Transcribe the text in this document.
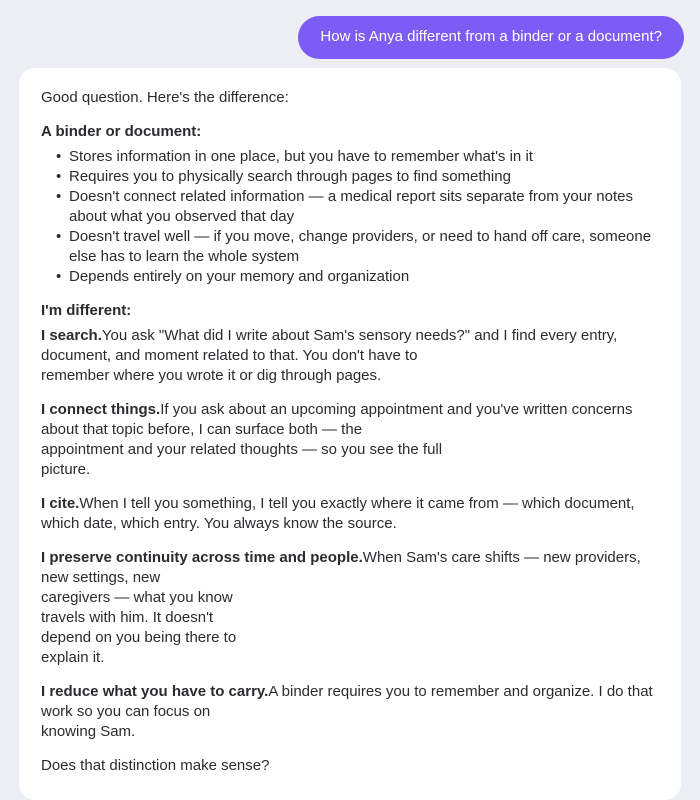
How is Anya different from a binder or a document?

Good question. Here's the difference:

A binder or document:

• Stores information in one place, but you have to remember what's in it
• Requires you to physically search through pages to find something
• Doesn't connect related information — a medical report sits separate from your notes about what you observed that day
• Doesn't travel well — if you move, change providers, or need to hand off care, someone else has to learn the whole system
• Depends entirely on your memory and organization

I'm different:

I search.You ask "What did I write about Sam's sensory needs?" and I find every entry, document, and moment related to that. You don't have to
remember where you wrote it or dig through pages.

I connect things.If you ask about an upcoming appointment and you've written concerns about that topic before, I can surface both — the
appointment and your related thoughts — so you see the full
picture.

I cite.When I tell you something, I tell you exactly where it came from — which document, which date, which entry. You always know the source.

I preserve continuity across time and people.When Sam's care shifts — new providers, new settings, new
caregivers — what you know
travels with him. It doesn't
depend on you being there to
explain it.

I reduce what you have to carry.A binder requires you to remember and organize. I do that work so you can focus on
knowing Sam.

Does that distinction make sense?
